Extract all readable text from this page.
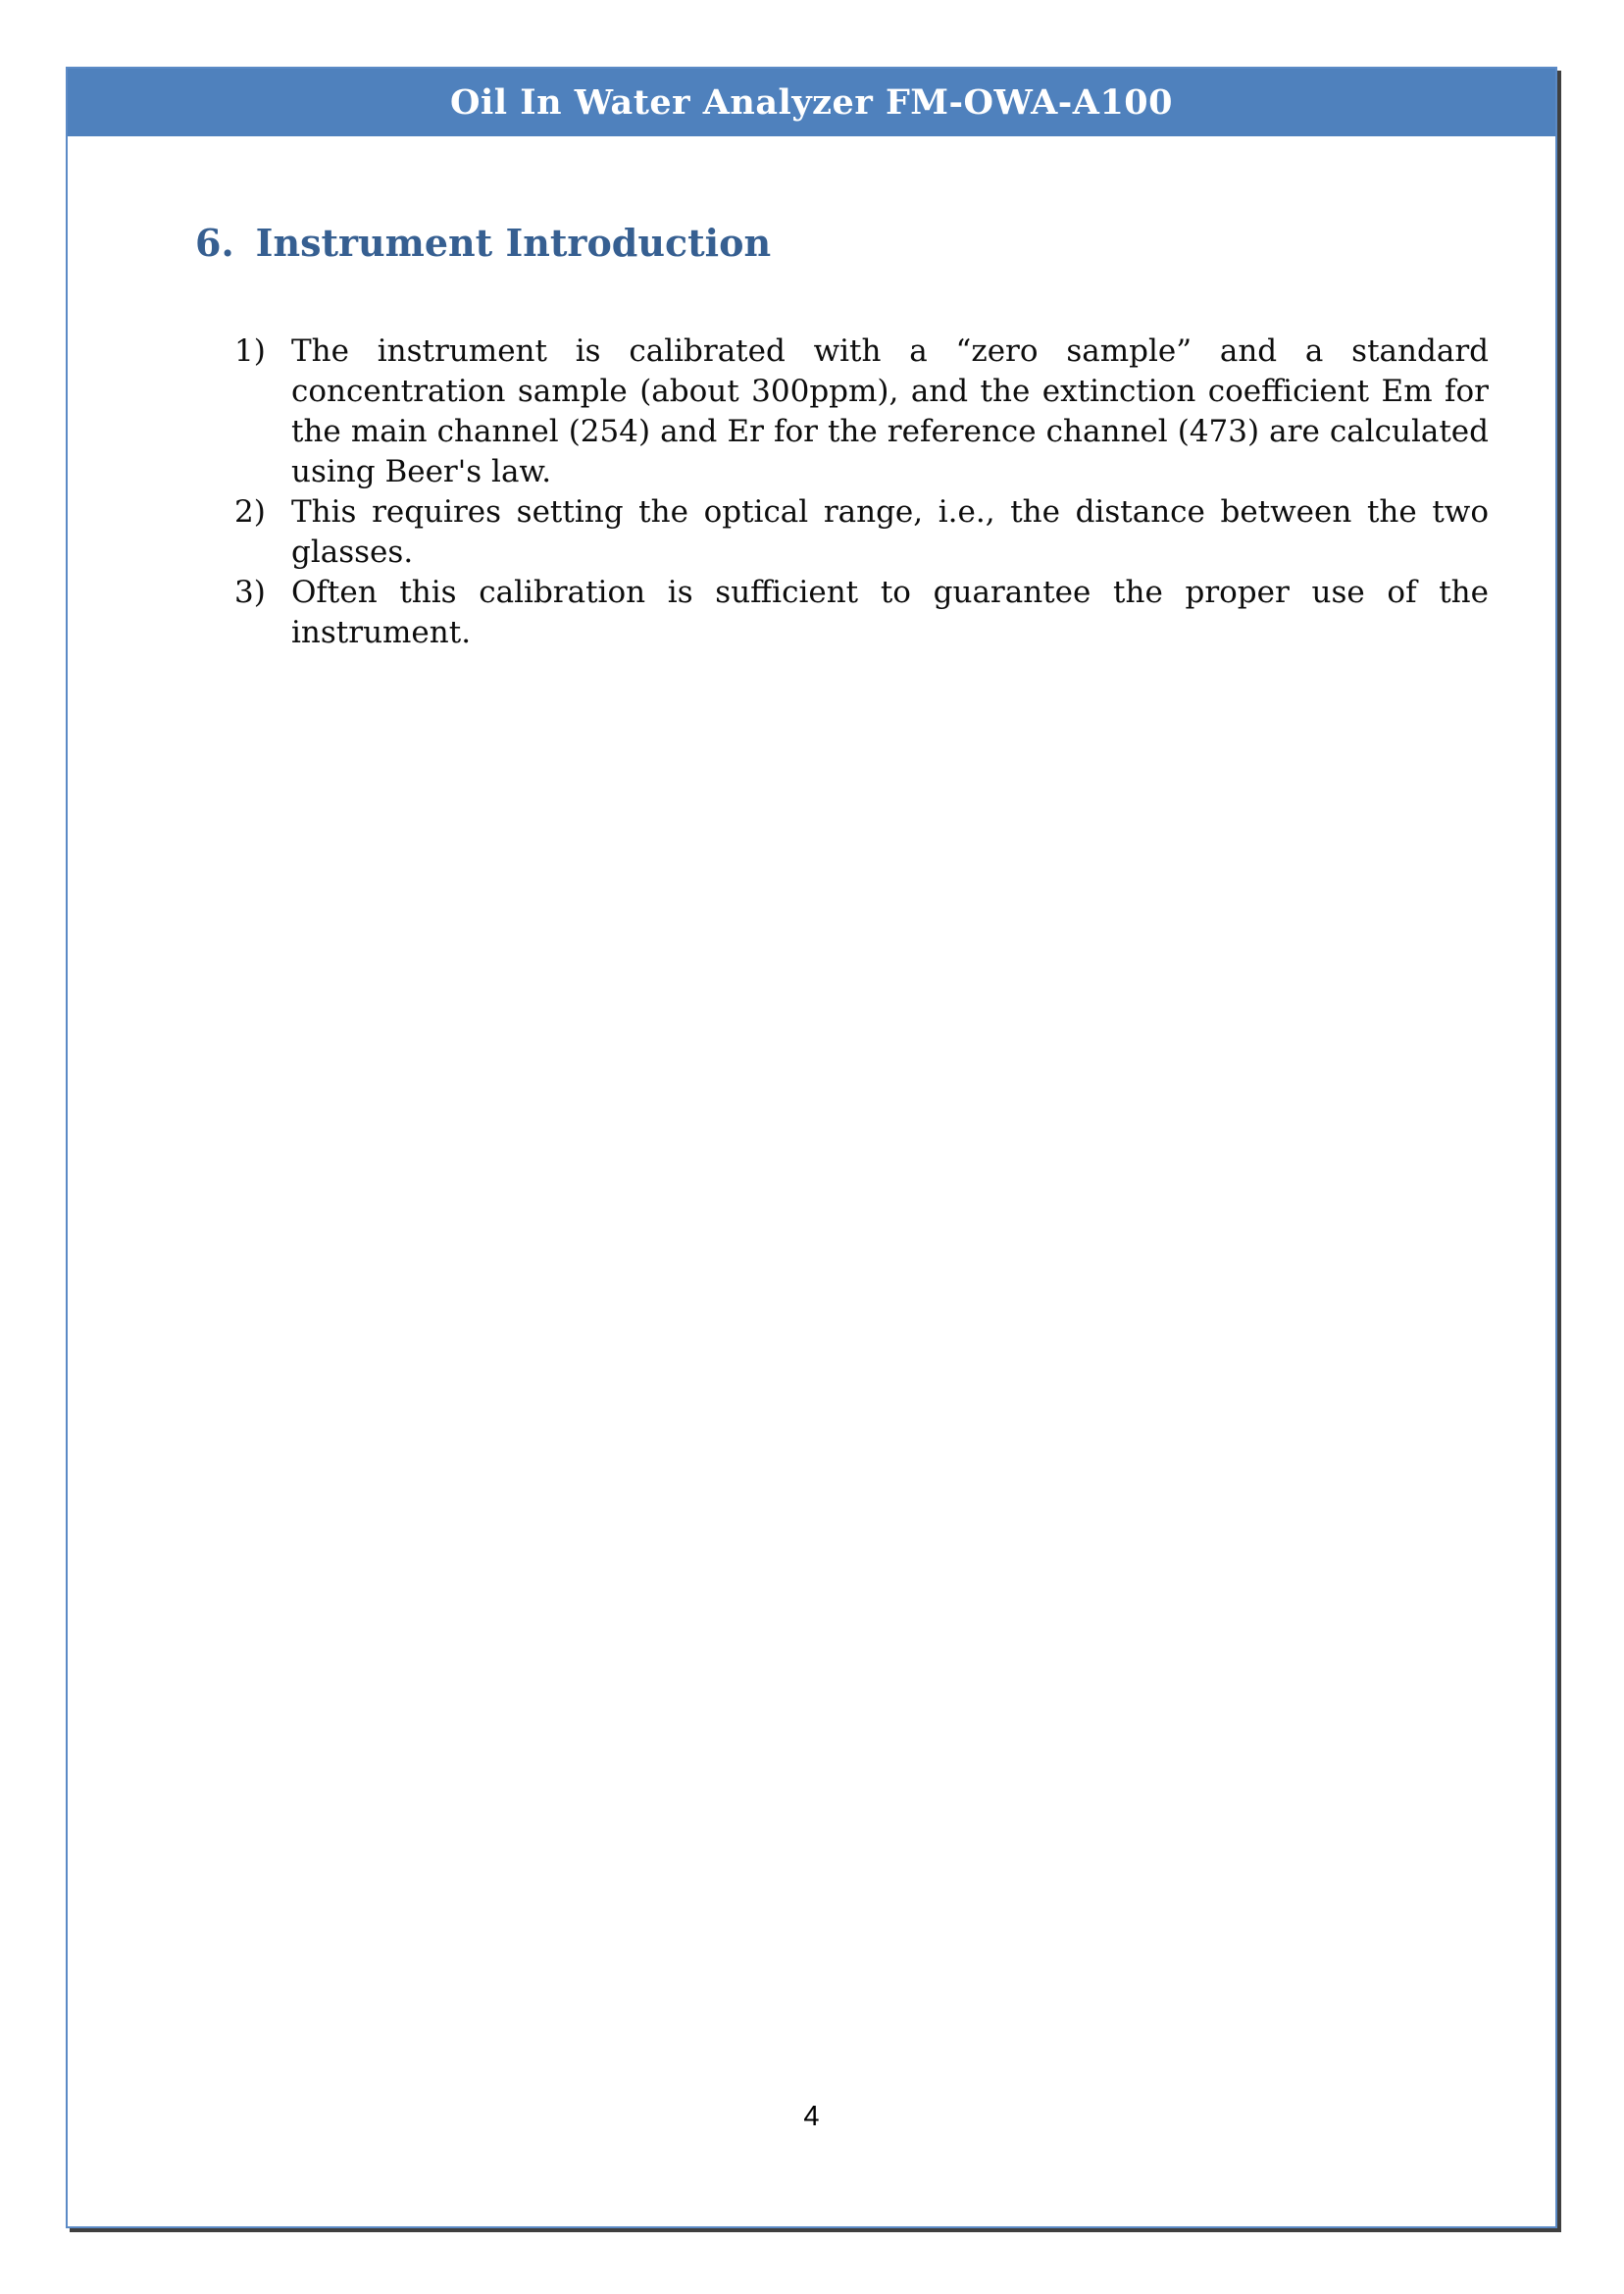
Oil In Water Analyzer FM-OWA-A100
6. Instrument Introduction
1) The instrument is calibrated with a “zero sample” and a standard concentration sample (about 300ppm), and the extinction coefficient Em for the main channel (254) and Er for the reference channel (473) are calculated using Beer's law.
2) This requires setting the optical range, i.e., the distance between the two glasses.
3) Often this calibration is sufficient to guarantee the proper use of the instrument.
4
